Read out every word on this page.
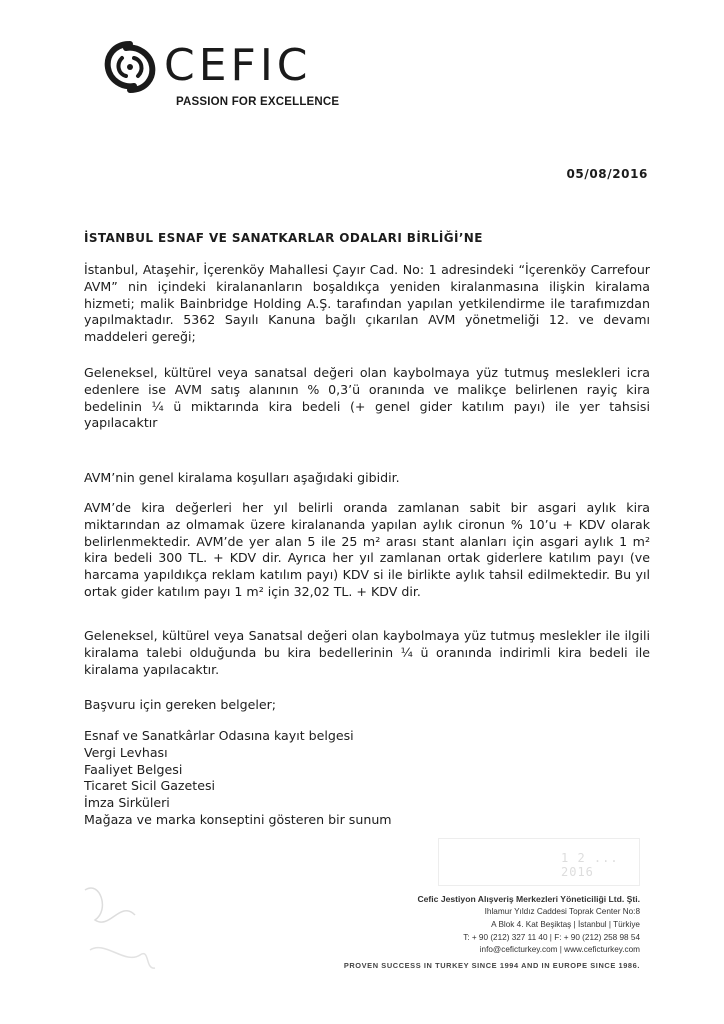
CEFIC
PASSION FOR EXCELLENCE
05/08/2016
İSTANBUL ESNAF VE SANATKARLAR ODALARI BİRLİĞİ’NE
İstanbul, Ataşehir, İçerenköy Mahallesi Çayır Cad. No: 1 adresindeki “İçerenköy Carrefour AVM” nin içindeki kiralananların boşaldıkça yeniden kiralanmasına ilişkin kiralama hizmeti; malik Bainbridge Holding A.Ş. tarafından yapılan yetkilendirme ile tarafımızdan yapılmaktadır. 5362 Sayılı Kanuna bağlı çıkarılan AVM yönetmeliği 12. ve devamı maddeleri gereği;
Geleneksel, kültürel veya sanatsal değeri olan kaybolmaya yüz tutmuş meslekleri icra edenlere ise AVM satış alanının % 0,3’ü oranında ve malikçe belirlenen rayiç kira bedelinin ¼ ü miktarında kira bedeli (+ genel gider katılım payı) ile yer tahsisi yapılacaktır
AVM’nin genel kiralama koşulları aşağıdaki gibidir.
AVM’de kira değerleri her yıl belirli oranda zamlanan sabit bir asgari aylık kira miktarından az olmamak üzere kiralananda yapılan aylık cironun % 10’u + KDV olarak belirlenmektedir. AVM’de yer alan 5 ile 25 m² arası stant alanları için asgari aylık 1 m² kira bedeli 300 TL. + KDV dir. Ayrıca her yıl zamlanan ortak giderlere katılım payı (ve harcama yapıldıkça reklam katılım payı) KDV si ile birlikte aylık tahsil edilmektedir. Bu yıl ortak gider katılım payı 1 m² için 32,02 TL. + KDV dir.
Geleneksel, kültürel veya Sanatsal değeri olan kaybolmaya yüz tutmuş meslekler ile ilgili kiralama talebi olduğunda bu kira bedellerinin ¼ ü oranında indirimli kira bedeli ile kiralama yapılacaktır.
Başvuru için gereken belgeler;
Esnaf ve Sanatkârlar Odasına kayıt belgesi
Vergi Levhası
Faaliyet Belgesi
Ticaret Sicil Gazetesi
İmza Sirküleri
Mağaza ve marka konseptini gösteren bir sunum
1 2 ... 2016
Cefic Jestiyon Alışveriş Merkezleri Yöneticiliği Ltd. Şti.
Ihlamur Yıldız Caddesi Toprak Center No:8
A Blok 4. Kat Beşiktaş | İstanbul | Türkiye
T: + 90 (212) 327 11 40 | F: + 90 (212) 258 98 54
info@ceficturkey.com | www.ceficturkey.com
PROVEN SUCCESS IN TURKEY SINCE 1994 AND IN EUROPE SINCE 1986.
